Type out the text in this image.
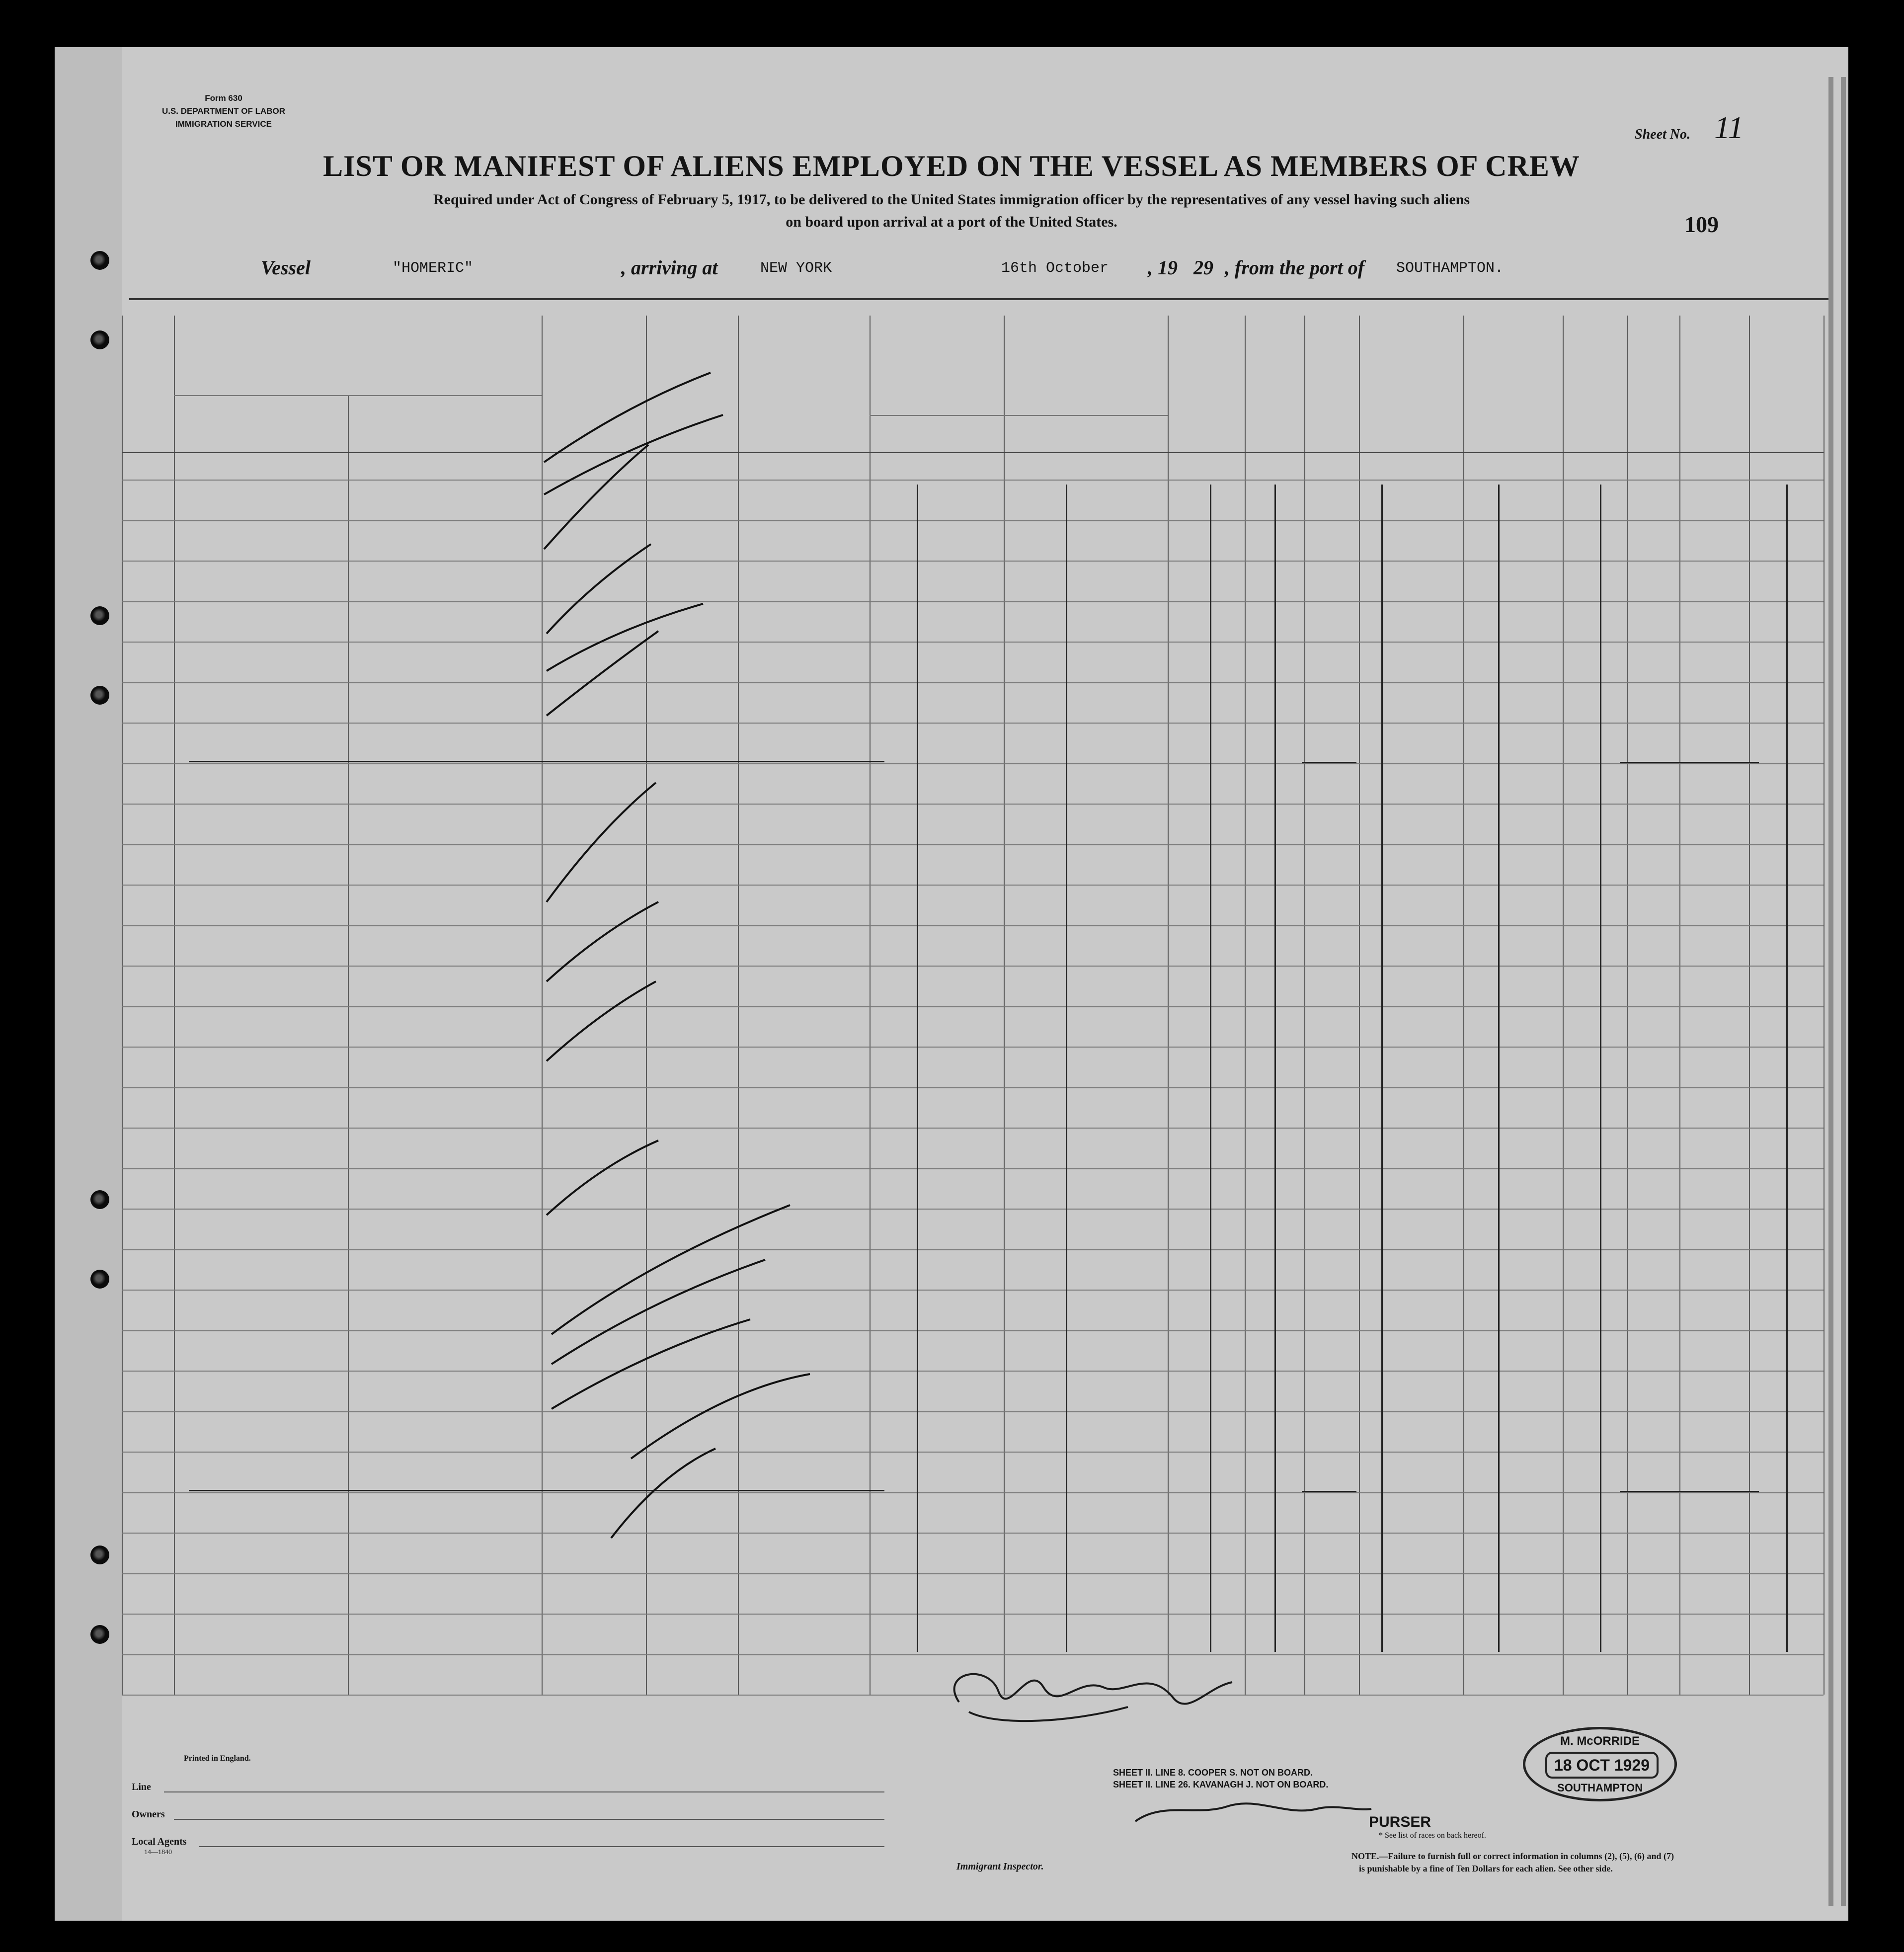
Form 630
U.S. DEPARTMENT OF LABOR
IMMIGRATION SERVICE
Sheet No. 11
109
LIST OR MANIFEST OF ALIENS EMPLOYED ON THE VESSEL AS MEMBERS OF CREW
Required under Act of Congress of February 5, 1917, to be delivered to the United States immigration officer by the representatives of any vessel having such aliens
on board upon arrival at a port of the United States.
Vessel	"HOMERIC"	, arriving at	NEW YORK	16th October , 19 29 , from the port of SOUTHAMPTON.
SHEET II. LINE 8. COOPER S. NOT ON BOARD.
SHEET II. LINE 26. KAVANAGH J. NOT ON BOARD.
M. McORRIDE
18 OCT 1929
SOUTHAMPTON
Printed in England.
Line
Owners
Local Agents
14—1840
Immigrant Inspector.
PURSER
* See list of races on back hereof.
NOTE.—Failure to furnish full or correct information in columns (2), (5), (6) and (7)
is punishable by a fine of Ten Dollars for each alien. See other side.
